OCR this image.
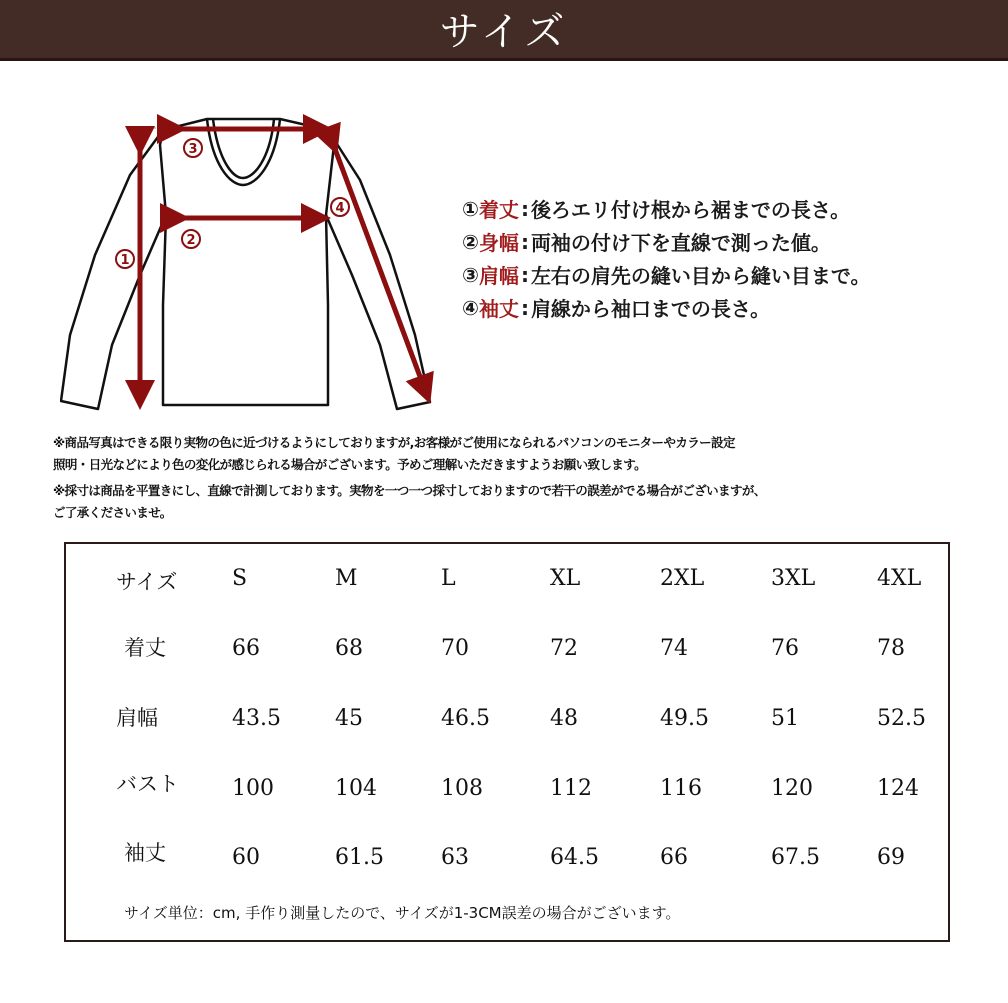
サイズ
3
2
1
4	① 着丈 : 後ろエリ付け根から裾までの長さ。
② 身幅 : 両袖の付け下を直線で測った値。
③ 肩幅 : 左右の肩先の縫い目から縫い目まで。
④ 袖丈 : 肩線から袖口までの長さ。

※商品写真はできる限り実物の色に近づけるようにしておりますが,お客様がご使用になられるパソコンのモニターやカラー設定
照明・日光などにより色の変化が感じられる場合がございます。予めご理解いただきますようお願い致します。

※採寸は商品を平置きにし、直線で計測しております。実物を一つ一つ採寸しておりますので若干の誤差がでる場合がございますが、
ご了承くださいませ。

サイズ S	M	L	XL	2XL	3XL	4XL
着丈	66	68	70	72	74	76	78
肩幅	43.5 45	46.5	48	49.5	51	52.5
バスト 100	104	108	112	116	120	124
袖丈	60	61.5	63	64.5	66	67.5	69
サイズ単位：cm, 手作り測量したので、サイズが1-3CM誤差の場合がございます。
